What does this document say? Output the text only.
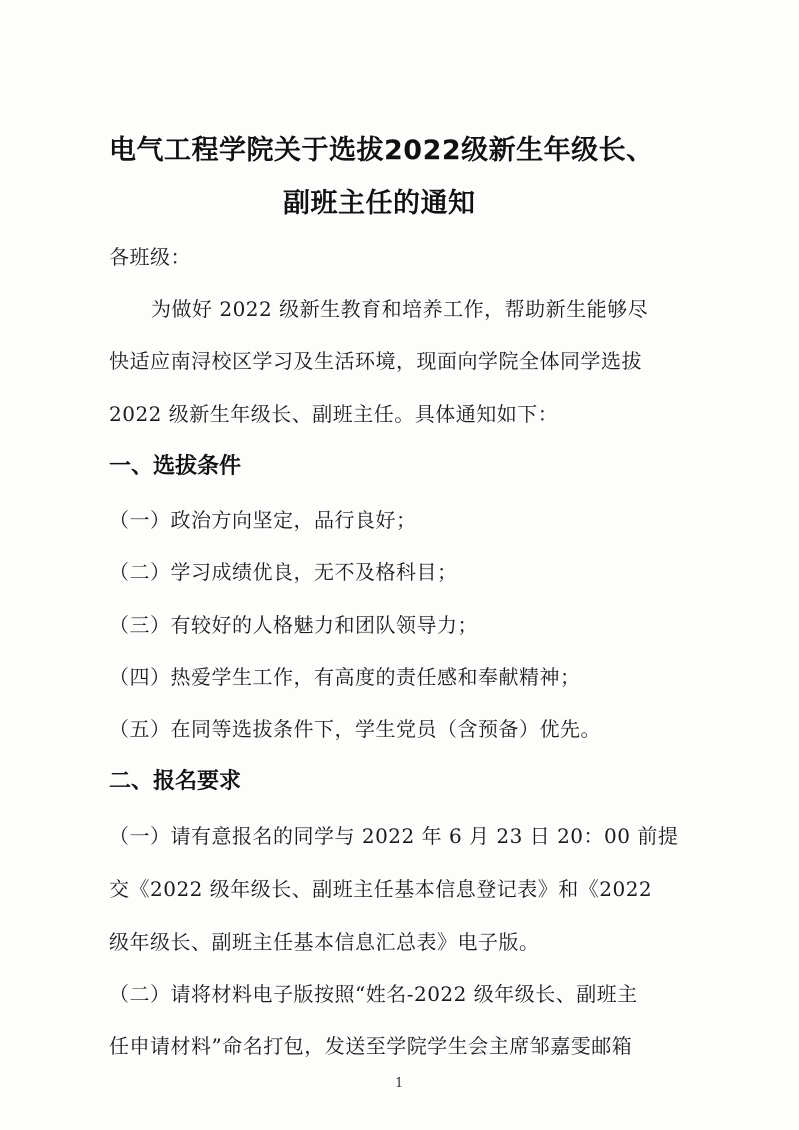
电气工程学院关于选拔2022级新生年级长、
副班主任的通知
各班级：
为做好 2022 级新生教育和培养工作，帮助新生能够尽
快适应南浔校区学习及生活环境，现面向学院全体同学选拔
2022 级新生年级长、副班主任。具体通知如下：
一、选拔条件
（一）政治方向坚定，品行良好；
（二）学习成绩优良，无不及格科目；
（三）有较好的人格魅力和团队领导力；
（四）热爱学生工作，有高度的责任感和奉献精神；
（五）在同等选拔条件下，学生党员（含预备）优先。
二、报名要求
（一）请有意报名的同学与 2022 年 6 月 23 日 20：00 前提
交《2022 级年级长、副班主任基本信息登记表》和《2022
级年级长、副班主任基本信息汇总表》电子版。
（二）请将材料电子版按照“姓名-2022 级年级长、副班主
任申请材料”命名打包，发送至学院学生会主席邹嘉雯邮箱
1
